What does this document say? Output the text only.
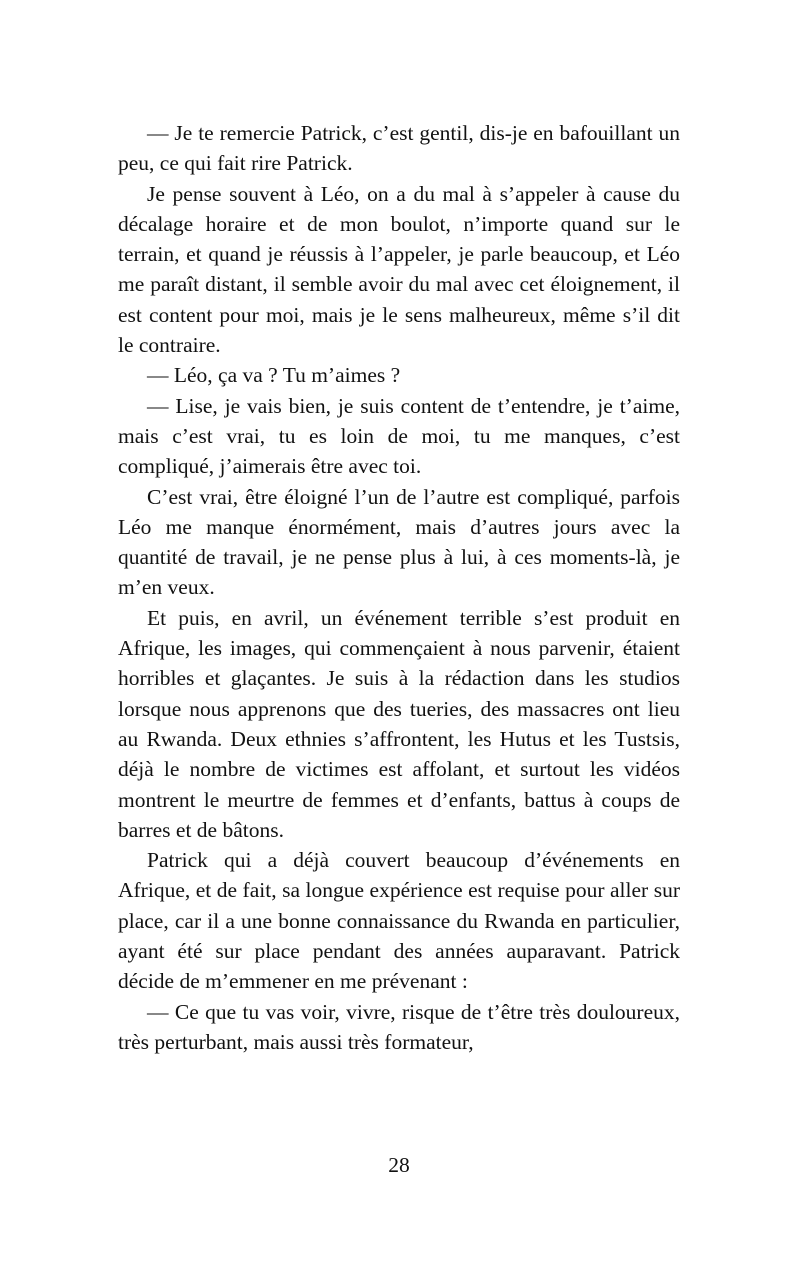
— Je te remercie Patrick, c’est gentil, dis-je en bafouillant un peu, ce qui fait rire Patrick.

Je pense souvent à Léo, on a du mal à s’appeler à cause du décalage horaire et de mon boulot, n’importe quand sur le terrain, et quand je réussis à l’appeler, je parle beaucoup, et Léo me paraît distant, il semble avoir du mal avec cet éloignement, il est content pour moi, mais je le sens malheureux, même s’il dit le contraire.

— Léo, ça va ? Tu m’aimes ?

— Lise, je vais bien, je suis content de t’entendre, je t’aime, mais c’est vrai, tu es loin de moi, tu me manques, c’est compliqué, j’aimerais être avec toi.

C’est vrai, être éloigné l’un de l’autre est compliqué, parfois Léo me manque énormément, mais d’autres jours avec la quantité de travail, je ne pense plus à lui, à ces moments-là, je m’en veux.

Et puis, en avril, un événement terrible s’est produit en Afrique, les images, qui commençaient à nous parvenir, étaient horribles et glaçantes. Je suis à la rédaction dans les studios lorsque nous apprenons que des tueries, des massacres ont lieu au Rwanda. Deux ethnies s’affrontent, les Hutus et les Tustsis, déjà le nombre de victimes est affolant, et surtout les vidéos montrent le meurtre de femmes et d’enfants, battus à coups de barres et de bâtons.

Patrick qui a déjà couvert beaucoup d’événements en Afrique, et de fait, sa longue expérience est requise pour aller sur place, car il a une bonne connaissance du Rwanda en particulier, ayant été sur place pendant des années auparavant. Patrick décide de m’emmener en me prévenant :

— Ce que tu vas voir, vivre, risque de t’être très douloureux, très perturbant, mais aussi très formateur,

28
